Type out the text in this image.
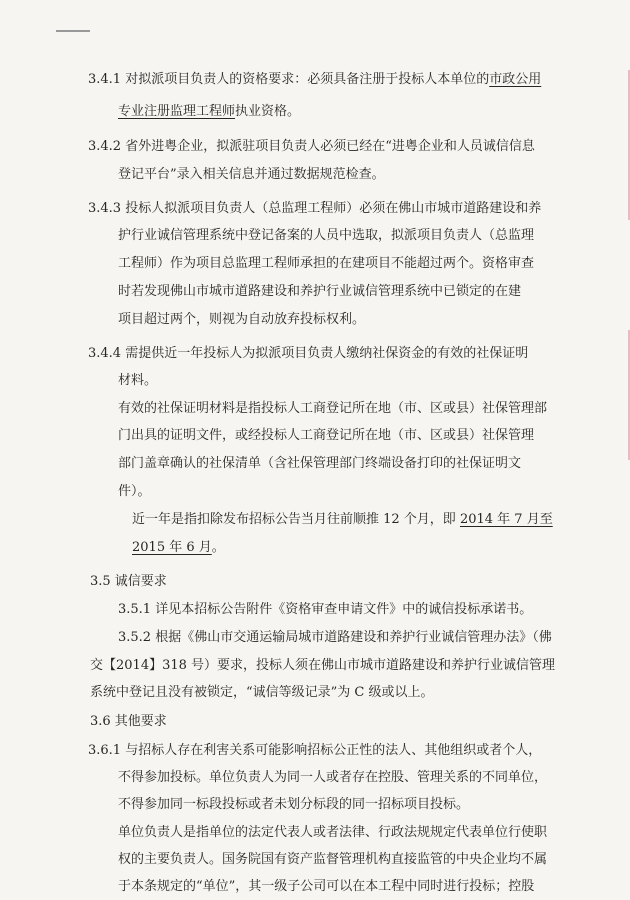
3.4.1 对拟派项目负责人的资格要求：必须具备注册于投标人本单位的市政公用
专业注册监理工程师执业资格。
3.4.2 省外进粤企业，拟派驻项目负责人必须已经在“进粤企业和人员诚信信息
登记平台”录入相关信息并通过数据规范检查。
3.4.3 投标人拟派项目负责人（总监理工程师）必须在佛山市城市道路建设和养
护行业诚信管理系统中登记备案的人员中选取，拟派项目负责人（总监理
工程师）作为项目总监理工程师承担的在建项目不能超过两个。资格审查
时若发现佛山市城市道路建设和养护行业诚信管理系统中已锁定的在建
项目超过两个，则视为自动放弃投标权利。
3.4.4 需提供近一年投标人为拟派项目负责人缴纳社保资金的有效的社保证明
材料。
有效的社保证明材料是指投标人工商登记所在地（市、区或县）社保管理部
门出具的证明文件，或经投标人工商登记所在地（市、区或县）社保管理
部门盖章确认的社保清单（含社保管理部门终端设备打印的社保证明文
件）。
近一年是指扣除发布招标公告当月往前顺推 12 个月，即 2014 年 7 月至
2015 年 6 月。
3.5 诚信要求
3.5.1 详见本招标公告附件《资格审查申请文件》中的诚信投标承诺书。
3.5.2 根据《佛山市交通运输局城市道路建设和养护行业诚信管理办法》（佛
交【2014】318 号）要求，投标人须在佛山市城市道路建设和养护行业诚信管理
系统中登记且没有被锁定，“诚信等级记录”为 C 级或以上。
3.6 其他要求
3.6.1 与招标人存在利害关系可能影响招标公正性的法人、其他组织或者个人，
不得参加投标。单位负责人为同一人或者存在控股、管理关系的不同单位，
不得参加同一标段投标或者未划分标段的同一招标项目投标。
单位负责人是指单位的法定代表人或者法律、行政法规规定代表单位行使职
权的主要负责人。国务院国有资产监督管理机构直接监管的中央企业均不属
于本条规定的“单位”，其一级子公司可以在本工程中同时进行投标；控股
